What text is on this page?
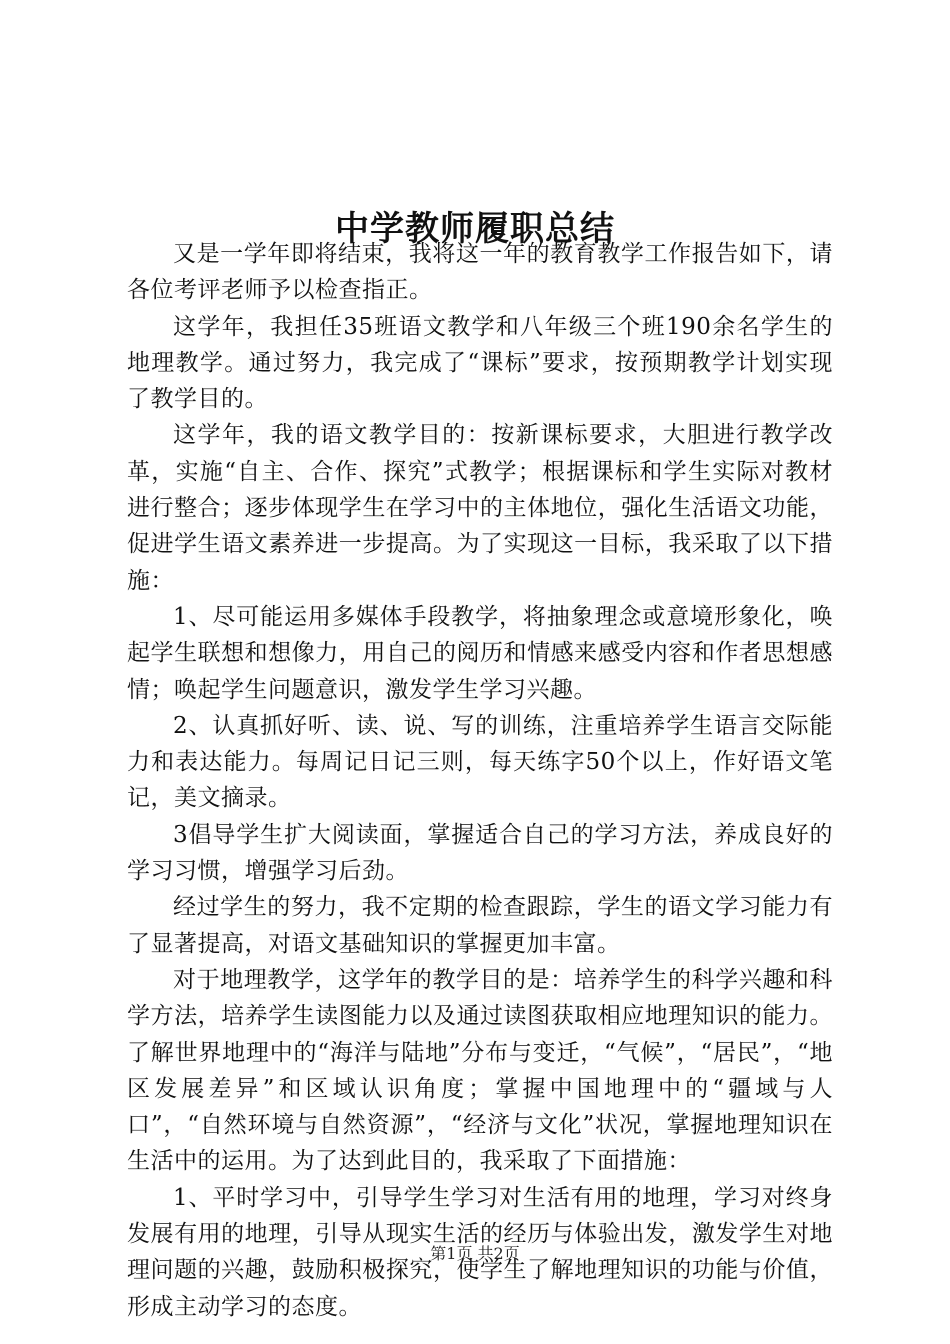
中学教师履职总结

又是一学年即将结束，我将这一年的教育教学工作报告如下，请各位考评老师予以检查指正。

这学年，我担任35班语文教学和八年级三个班190余名学生的地理教学。通过努力，我完成了“课标”要求，按预期教学计划实现了教学目的。

这学年，我的语文教学目的：按新课标要求，大胆进行教学改革，实施“自主、合作、探究”式教学；根据课标和学生实际对教材进行整合；逐步体现学生在学习中的主体地位，强化生活语文功能，促进学生语文素养进一步提高。为了实现这一目标，我采取了以下措施：

1、尽可能运用多媒体手段教学，将抽象理念或意境形象化，唤起学生联想和想像力，用自己的阅历和情感来感受内容和作者思想感情；唤起学生问题意识，激发学生学习兴趣。

2、认真抓好听、读、说、写的训练，注重培养学生语言交际能力和表达能力。每周记日记三则，每天练字50个以上，作好语文笔记，美文摘录。

3倡导学生扩大阅读面，掌握适合自己的学习方法，养成良好的学习习惯，增强学习后劲。

经过学生的努力，我不定期的检查跟踪，学生的语文学习能力有了显著提高，对语文基础知识的掌握更加丰富。

对于地理教学，这学年的教学目的是：培养学生的科学兴趣和科学方法，培养学生读图能力以及通过读图获取相应地理知识的能力。了解世界地理中的“海洋与陆地”分布与变迁，“气候”，“居民”，“地区发展差异”和区域认识角度；掌握中国地理中的“疆域与人口”，“自然环境与自然资源”，“经济与文化”状况，掌握地理知识在生活中的运用。为了达到此目的，我采取了下面措施：

1、平时学习中，引导学生学习对生活有用的地理，学习对终身发展有用的地理，引导从现实生活的经历与体验出发，激发学生对地理问题的兴趣，鼓励积极探究，使学生了解地理知识的功能与价值，形成主动学习的态度。

第1页 共2页
